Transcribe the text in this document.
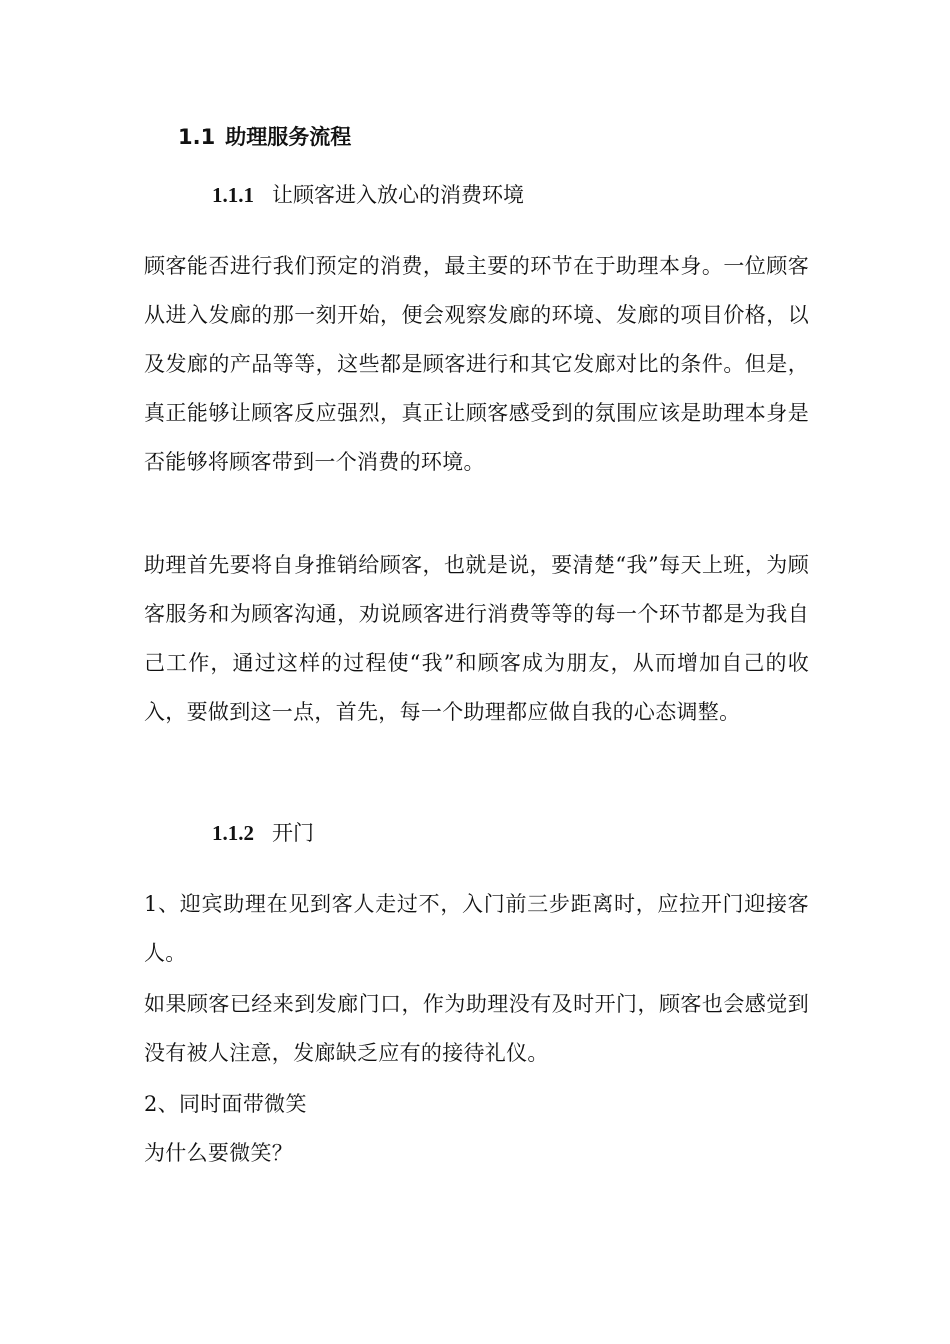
1.1 助理服务流程
1.1.1 让顾客进入放心的消费环境

顾客能否进行我们预定的消费，最主要的环节在于助理本身。一位顾客从进入发廊的那一刻开始，便会观察发廊的环境、发廊的项目价格，以及发廊的产品等等，这些都是顾客进行和其它发廊对比的条件。但是，真正能够让顾客反应强烈，真正让顾客感受到的氛围应该是助理本身是否能够将顾客带到一个消费的环境。

助理首先要将自身推销给顾客，也就是说，要清楚“我”每天上班，为顾客服务和为顾客沟通，劝说顾客进行消费等等的每一个环节都是为我自己工作，通过这样的过程使“我”和顾客成为朋友，从而增加自己的收入，要做到这一点，首先，每一个助理都应做自我的心态调整。

1.1.2 开门

1、迎宾助理在见到客人走过不，入门前三步距离时，应拉开门迎接客人。

如果顾客已经来到发廊门口，作为助理没有及时开门，顾客也会感觉到没有被人注意，发廊缺乏应有的接待礼仪。

2、同时面带微笑

为什么要微笑？
